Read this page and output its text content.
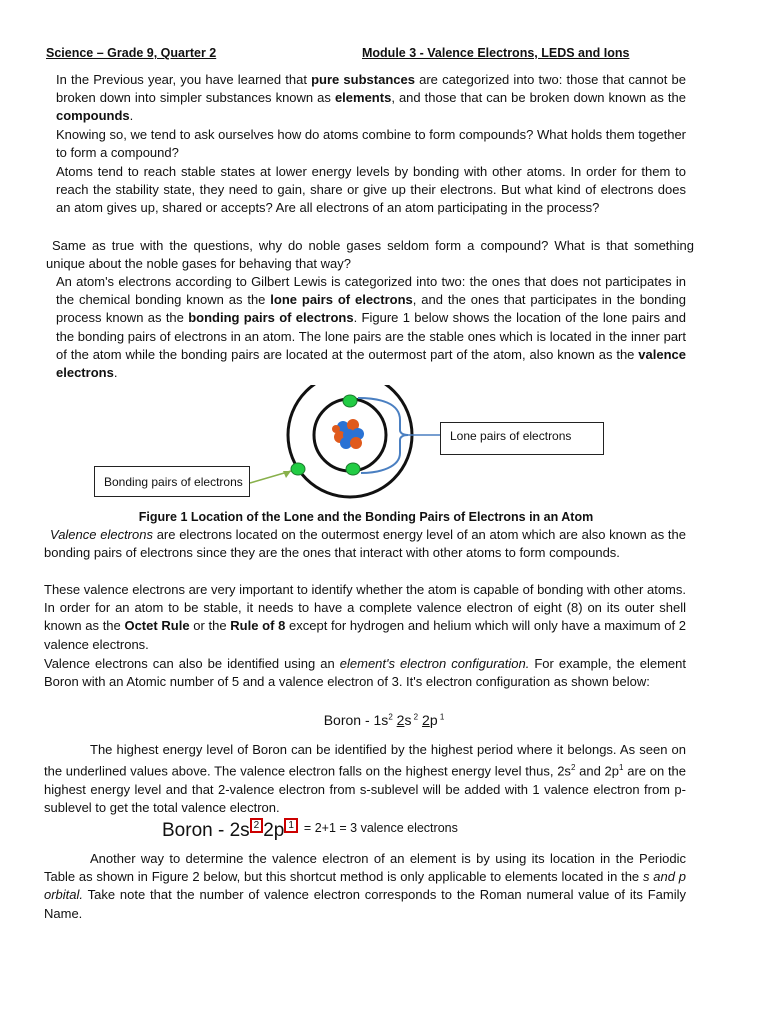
Science – Grade 9, Quarter 2	Module 3 - Valence Electrons, LEDS and Ions
In the Previous year, you have learned that pure substances are categorized into two: those that cannot be broken down into simpler substances known as elements, and those that can be broken down known as the compounds.
Knowing so, we tend to ask ourselves how do atoms combine to form compounds? What holds them together to form a compound?
Atoms tend to reach stable states at lower energy levels by bonding with other atoms. In order for them to reach the stability state, they need to gain, share or give up their electrons. But what kind of electrons does an atom gives up, shared or accepts? Are all electrons of an atom participating in the process?
Same as true with the questions, why do noble gases seldom form a compound? What is that something unique about the noble gases for behaving that way?
An atom's electrons according to Gilbert Lewis is categorized into two: the ones that does not participates in the chemical bonding known as the lone pairs of electrons, and the ones that participates in the bonding process known as the bonding pairs of electrons. Figure 1 below shows the location of the lone pairs and the bonding pairs of electrons in an atom. The lone pairs are the stable ones which is located in the inner part of the atom while the bonding pairs are located at the outermost part of the atom, also known as the valence electrons.
Lone pairs of electrons
Bonding pairs of electrons
Figure 1 Location of the Lone and the Bonding Pairs of Electrons in an Atom
Valence electrons are electrons located on the outermost energy level of an atom which are also known as the bonding pairs of electrons since they are the ones that interact with other atoms to form compounds.
These valence electrons are very important to identify whether the atom is capable of bonding with other atoms. In order for an atom to be stable, it needs to have a complete valence electron of eight (8) on its outer shell known as the Octet Rule or the Rule of 8 except for hydrogen and helium which will only have a maximum of 2 valence electrons.
Valence electrons can also be identified using an element's electron configuration. For example, the element Boron with an Atomic number of 5 and a valence electron of 3. It's electron configuration as shown below:
Boron - $1s^2$ 2s $^2$ 2p $^1$
The highest energy level of Boron can be identified by the highest period where it belongs. As seen on the underlined values above. The valence electron falls on the highest energy level thus, $2s^2$ and $2p^1$ are on the highest energy level and that 2-valence electron from s-sublevel will be added with 1 valence electron from p-sublevel to get the total valence electron.
Boron - 2s 2 2p 1 $^{= 2+1 = 3 valence electrons}$
Another way to determine the valence electron of an element is by using its location in the Periodic Table as shown in Figure 2 below, but this shortcut method is only applicable to elements located in the s and p orbital. Take note that the number of valence electron corresponds to the Roman numeral value of its Family Name.
